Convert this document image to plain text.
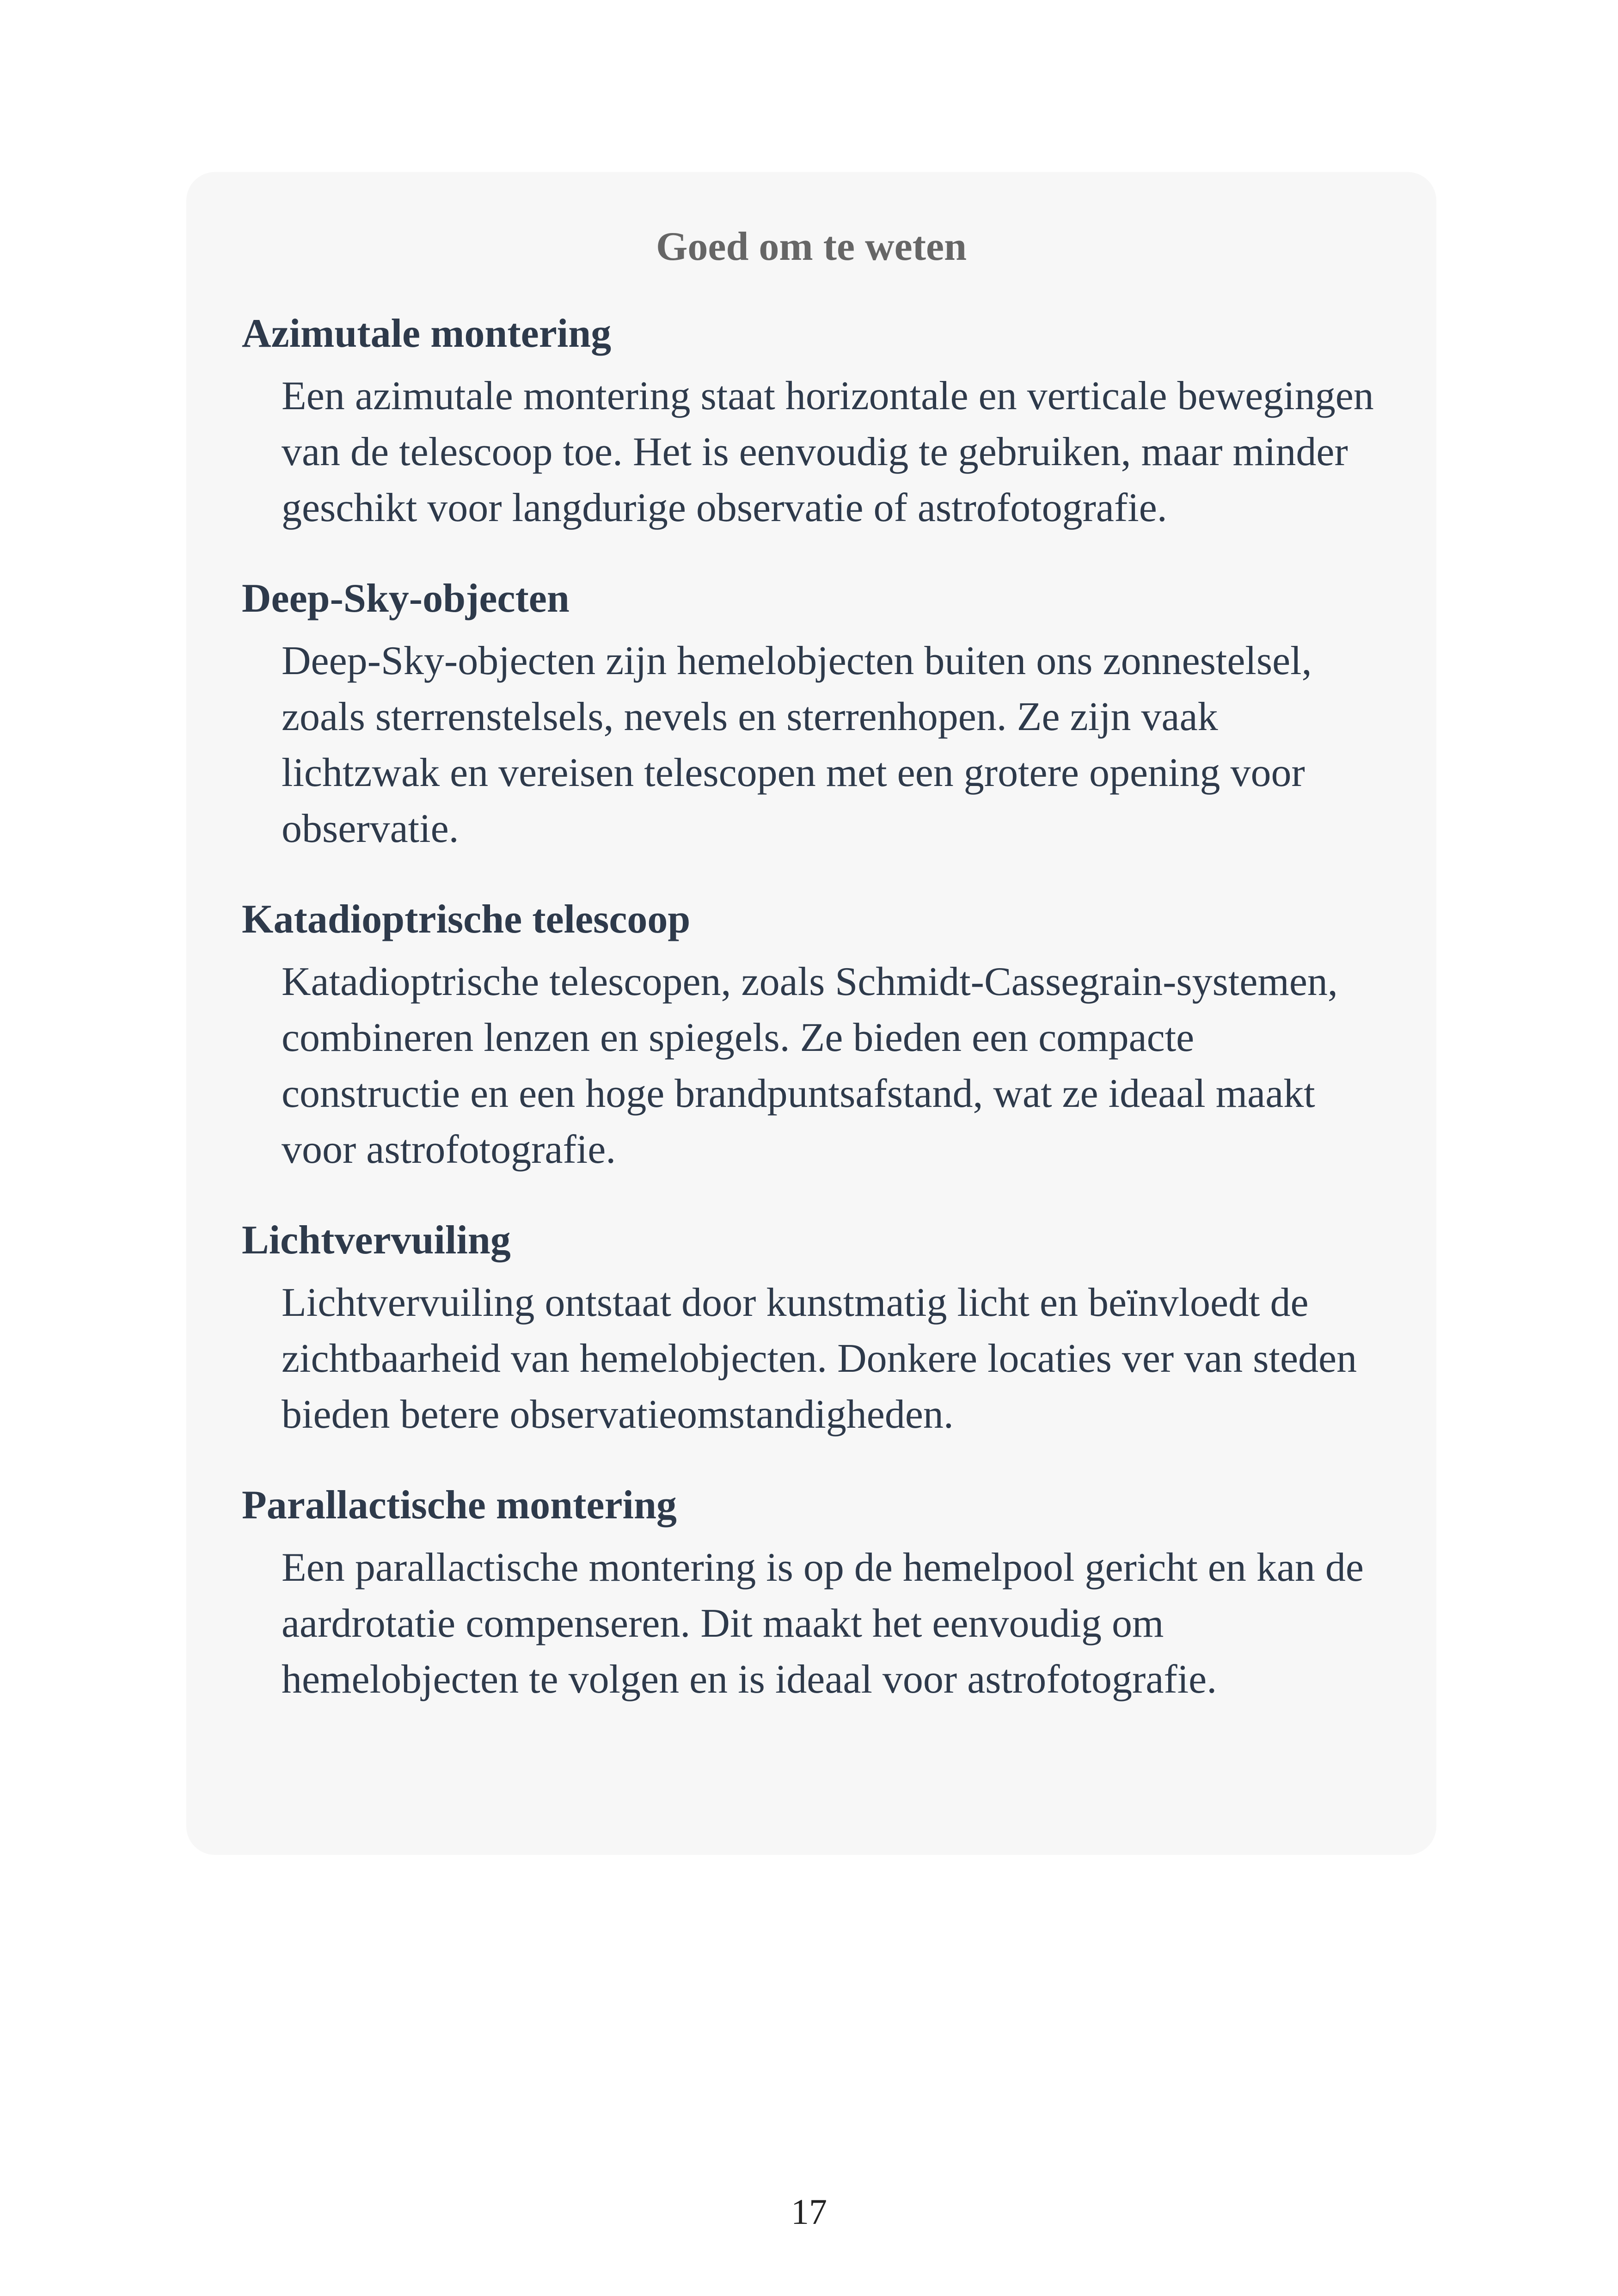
Goed om te weten
Azimutale montering

Een azimutale montering staat horizontale en verticale bewegingen van de telescoop toe. Het is eenvoudig te gebruiken, maar minder geschikt voor langdurige observatie of astrofotografie.

Deep-Sky-objecten

Deep-Sky-objecten zijn hemelobjecten buiten ons zonnestelsel, zoals sterrenstelsels, nevels en sterrenhopen. Ze zijn vaak lichtzwak en vereisen telescopen met een grotere opening voor observatie.

Katadioptrische telescoop

Katadioptrische telescopen, zoals Schmidt-Cassegrain-systemen, combineren lenzen en spiegels. Ze bieden een compacte constructie en een hoge brandpuntsafstand, wat ze ideaal maakt voor astrofotografie.

Lichtvervuiling

Lichtvervuiling ontstaat door kunstmatig licht en beïnvloedt de zichtbaarheid van hemelobjecten. Donkere locaties ver van steden bieden betere observatieomstandigheden.

Parallactische montering

Een parallactische montering is op de hemelpool gericht en kan de aardrotatie compenseren. Dit maakt het eenvoudig om hemelobjecten te volgen en is ideaal voor astrofotografie.

17
